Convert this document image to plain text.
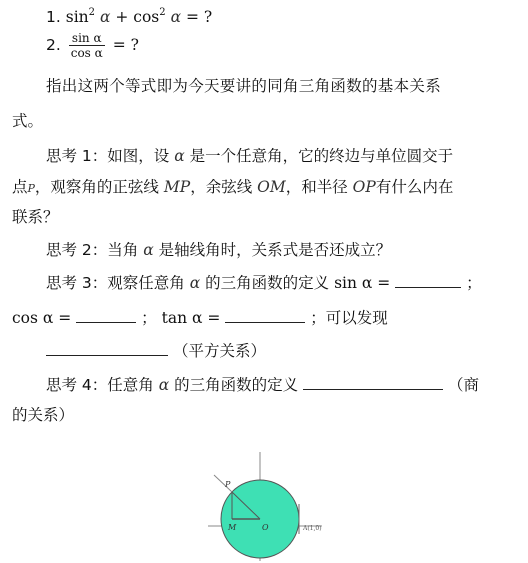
1. $\sin^2 \alpha + \cos^2 \alpha$ = ?
2. $\frac{\text{sin α}}{\text{cos α}}$ = ?
指出这两个等式即为今天要讲的同角三角函数的基本关系
式。
思考 1：如图，设 α 是一个任意角，它的终边与单位圆交于
点P，观察角的正弦线 MP，余弦线 OM，和半径 OP有什么内在
联系？
思考 2：当角 α 是轴线角时，关系式是否还成立？
思考 3：观察任意角 α 的三角函数的定义 sin α =	；
cos α =	； tan α =	；可以发现
（平方关系）
思考 4：任意角 α 的三角函数的定义	（商
的关系）
P
M	O	A(1,0)
